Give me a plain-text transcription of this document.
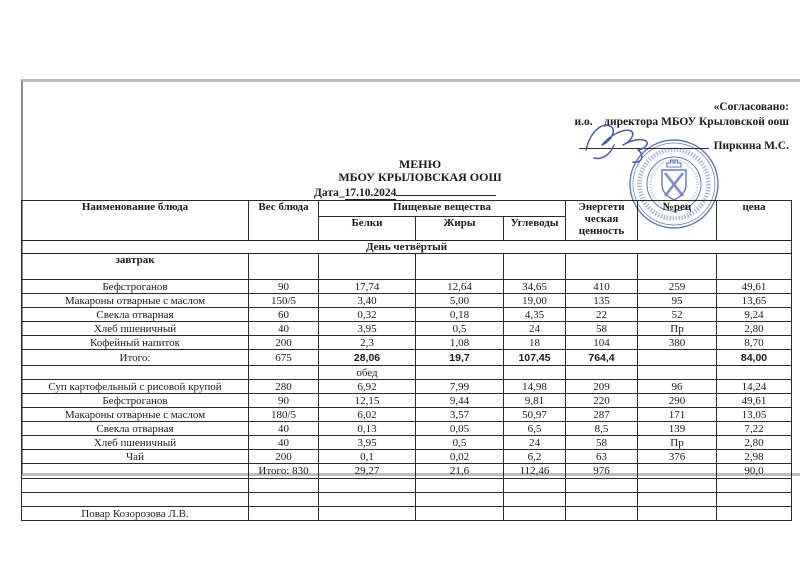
«Согласовано:
и.о.    директора МБОУ Крыловской оош
Пиркина М.С.
МЕНЮ
МБОУ КРЫЛОВСКАЯ ООШ
Дата_17.10.2024
Наименование блюда	Вес блюда	Пищевые вещества			Энергети ческая ценность	№рец	цена
		Белки	Жиры	Углеводы			
День четвёртый							
завтрак							
Бефстроганов	90	17,74	12,64	34,65	410	259	49,61
Макароны отварные с маслом	150/5	3,40	5,00	19,00	135	95	13,65
Свекла отварная	60	0,32	0,18	4,35	22	52	9,24
Хлеб пшеничный	40	3,95	0,5	24	58	Пр	2,80
Кофейный напиток	200	2,3	1,08	18	104	380	8,70
Итого:	675	28,06	19,7	107,45	764,4		84,00
		обед					
Суп картофельный с рисовой крупой	280	6,92	7,99	14,98	209	96	14,24
Бефстроганов	90	12,15	9,44	9,81	220	290	49,61
Макароны отварные с маслом	180/5	6,02	3,57	50,97	287	171	13,05
Свекла отварная	40	0,13	0,05	6,5	8,5	139	7,22
Хлеб пшеничный	40	3,95	0,5	24	58	Пр	2,80
Чай	200	0,1	0,02	6,2	63	376	2,98
	Итого: 830	29,27	21,6	112,46	976		90,0

Повар Козорозова Л.В.							
